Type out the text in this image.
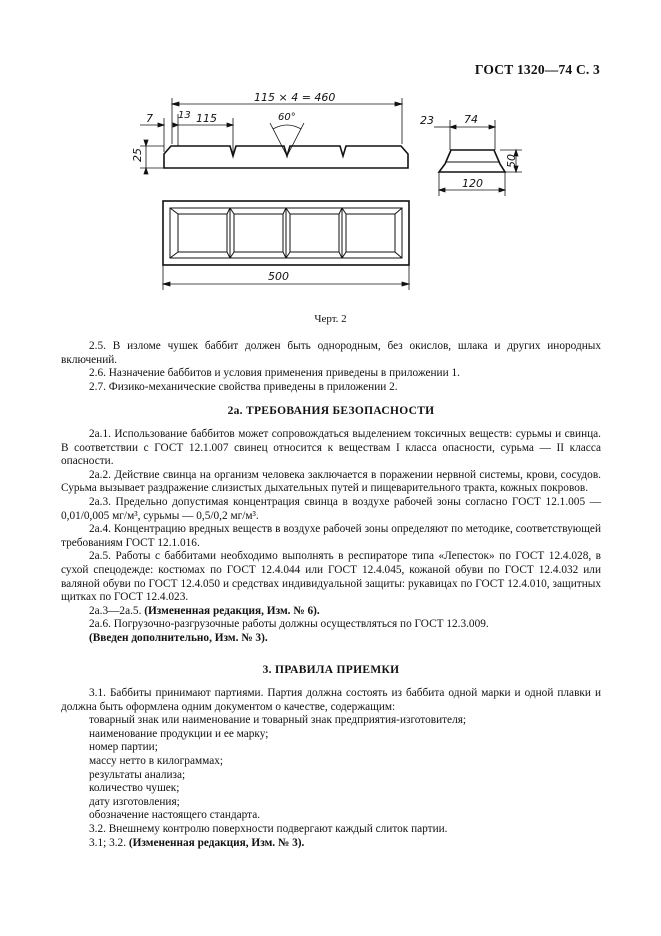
ГОСТ 1320—74 С. 3
115 × 4 = 460
7	13 115	60°
25
23	74
50
120
500
Черт. 2

2.5. В изломе чушек баббит должен быть однородным, без окислов, шлака и других инородных включений.

2.6. Назначение баббитов и условия применения приведены в приложении 1.

2.7. Физико-механические свойства приведены в приложении 2.

2а. ТРЕБОВАНИЯ БЕЗОПАСНОСТИ

2а.1. Использование баббитов может сопровождаться выделением токсичных веществ: сурьмы и свинца. В соответствии с ГОСТ 12.1.007 свинец относится к веществам I класса опасности, сурьма — II класса опасности.

2а.2. Действие свинца на организм человека заключается в поражении нервной системы, крови, сосудов. Сурьма вызывает раздражение слизистых дыхательных путей и пищеварительного тракта, кожных покровов.

2а.3. Предельно допустимая концентрация свинца в воздухе рабочей зоны согласно ГОСТ 12.1.005 — 0,01/0,005 мг/м³, сурьмы — 0,5/0,2 мг/м³.

2а.4. Концентрацию вредных веществ в воздухе рабочей зоны определяют по методике, соответствующей требованиям ГОСТ 12.1.016.

2а.5. Работы с баббитами необходимо выполнять в респираторе типа «Лепесток» по ГОСТ 12.4.028, в сухой спецодежде: костюмах по ГОСТ 12.4.044 или ГОСТ 12.4.045, кожаной обуви по ГОСТ 12.4.032 или валяной обуви по ГОСТ 12.4.050 и средствах индивидуальной защиты: рукавицах по ГОСТ 12.4.010, защитных щитках по ГОСТ 12.4.023.

2а.3—2а.5. (Измененная редакция, Изм. № 6).

2а.6. Погрузочно-разгрузочные работы должны осуществляться по ГОСТ 12.3.009.

(Введен дополнительно, Изм. № 3).

3. ПРАВИЛА ПРИЕМКИ

3.1. Баббиты принимают партиями. Партия должна состоять из баббита одной марки и одной плавки и должна быть оформлена одним документом о качестве, содержащим:

товарный знак или наименование и товарный знак предприятия-изготовителя;

наименование продукции и ее марку;

номер партии;

массу нетто в килограммах;

результаты анализа;

количество чушек;

дату изготовления;

обозначение настоящего стандарта.

3.2. Внешнему контролю поверхности подвергают каждый слиток партии.

3.1; 3.2. (Измененная редакция, Изм. № 3).
